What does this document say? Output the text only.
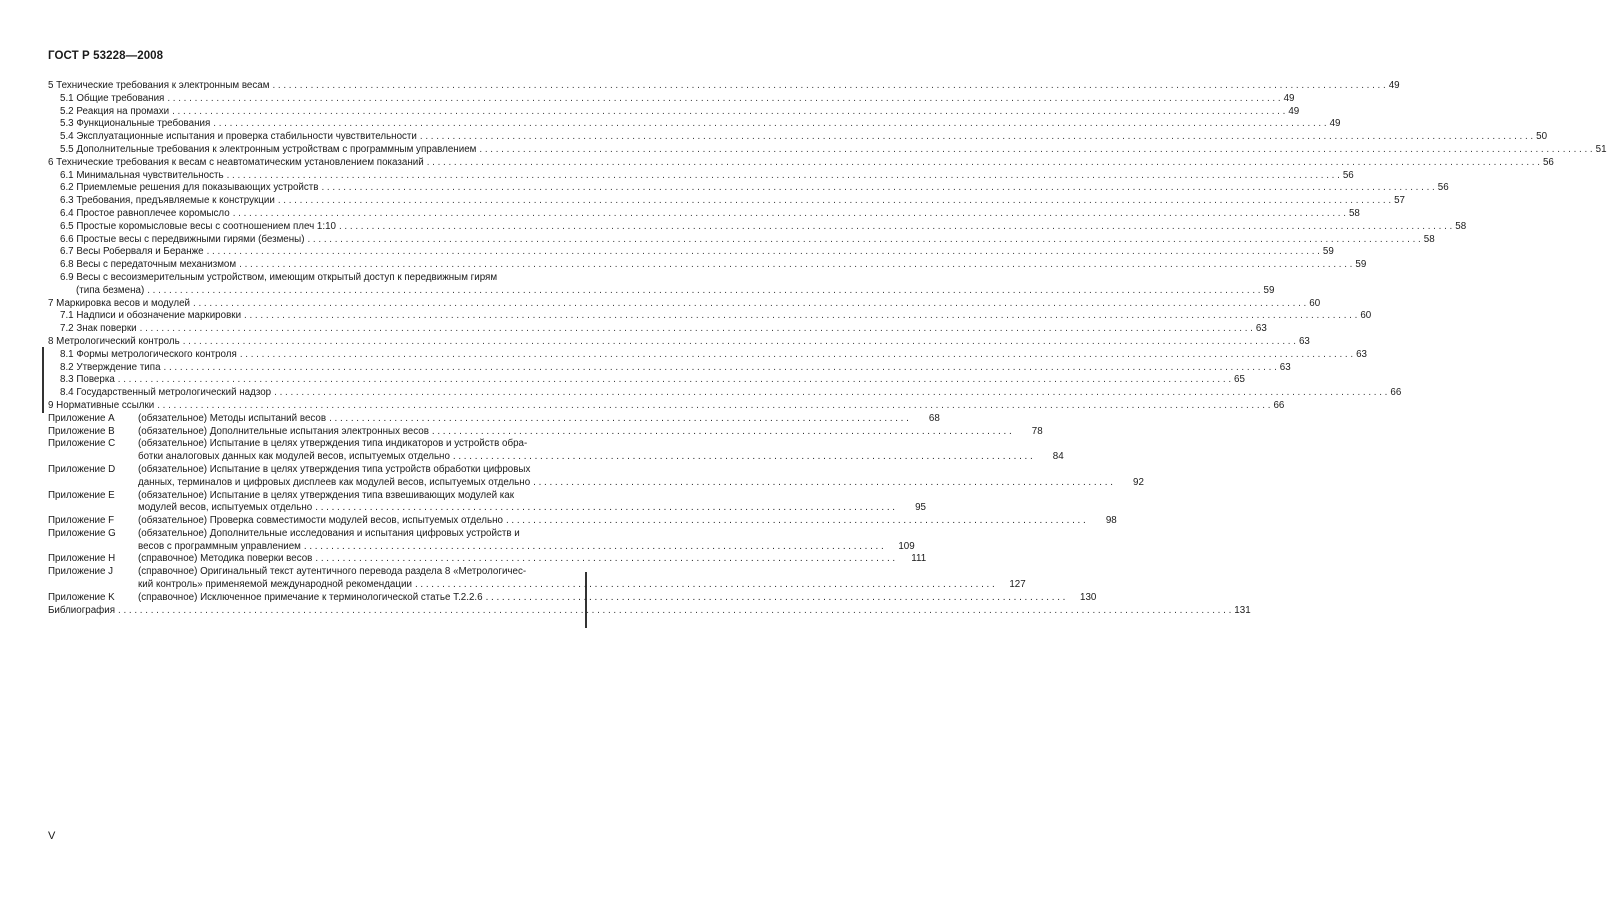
ГОСТ Р 53228—2008
5 Технические требования к электронным весам . . .	49
5.1 Общие требования . . .	49
5.2 Реакция на промахи . . .	49
5.3 Функциональные требования . . .	49
5.4 Эксплуатационные испытания и проверка стабильности чувствительности . . .	50
5.5 Дополнительные требования к электронным устройствам с программным управлением . . .	51
6 Технические требования к весам с неавтоматическим установлением показаний . . .	56
6.1 Минимальная чувствительность . . .	56
6.2 Приемлемые решения для показывающих устройств . . .	56
6.3 Требования, предъявляемые к конструкции . . .	57
6.4 Простое равноплечее коромысло . . .	58
6.5 Простые коромысловые весы с соотношением плеч 1:10 . . .	58
6.6 Простые весы с передвижными гирями (безмены) . . .	58
6.7 Весы Роберваля и Беранже . . .	59
6.8 Весы с передаточным механизмом . . .	59
6.9 Весы с весоизмерительным устройством, имеющим открытый доступ к передвижным гирям
(типа безмена) . . .	59
7 Маркировка весов и модулей . . .	60
7.1 Надписи и обозначение маркировки . . .	60
7.2 Знак поверки . . .	63
8 Метрологический контроль . . .	63
8.1 Формы метрологического контроля . . .	63
8.2 Утверждение типа . . .	63
8.3 Поверка . . .	65
8.4 Государственный метрологический надзор . . .	66
9 Нормативные ссылки . . .	66
Приложение A	(обязательное) Методы испытаний весов . . .	68
Приложение B	(обязательное) Дополнительные испытания электронных весов . . .	78
Приложение C	(обязательное) Испытание в целях утверждения типа индикаторов и устройств обра-
ботки аналоговых данных как модулей весов, испытуемых отдельно . . .	84
Приложение D	(обязательное) Испытание в целях утверждения типа устройств обработки цифровых
данных, терминалов и цифровых дисплеев как модулей весов, испытуемых отдельно . . .	92
Приложение E	(обязательное) Испытание в целях утверждения типа взвешивающих модулей как
модулей весов, испытуемых отдельно . . .	95
Приложение F	(обязательное) Проверка совместимости модулей весов, испытуемых отдельно . . .	98
Приложение G	(обязательное) Дополнительные исследования и испытания цифровых устройств и
весов с программным управлением . . .	109
Приложение H	(справочное) Методика поверки весов . . .	111
Приложение J	(справочное) Оригинальный текст аутентичного перевода раздела 8 «Метрологичес-
кий контроль» применяемой международной рекомендации . . .	127
Приложение K	(справочное) Исключенное примечание к терминологической статье T.2.2.6 . . .	130
Библиография . . .	131
V
